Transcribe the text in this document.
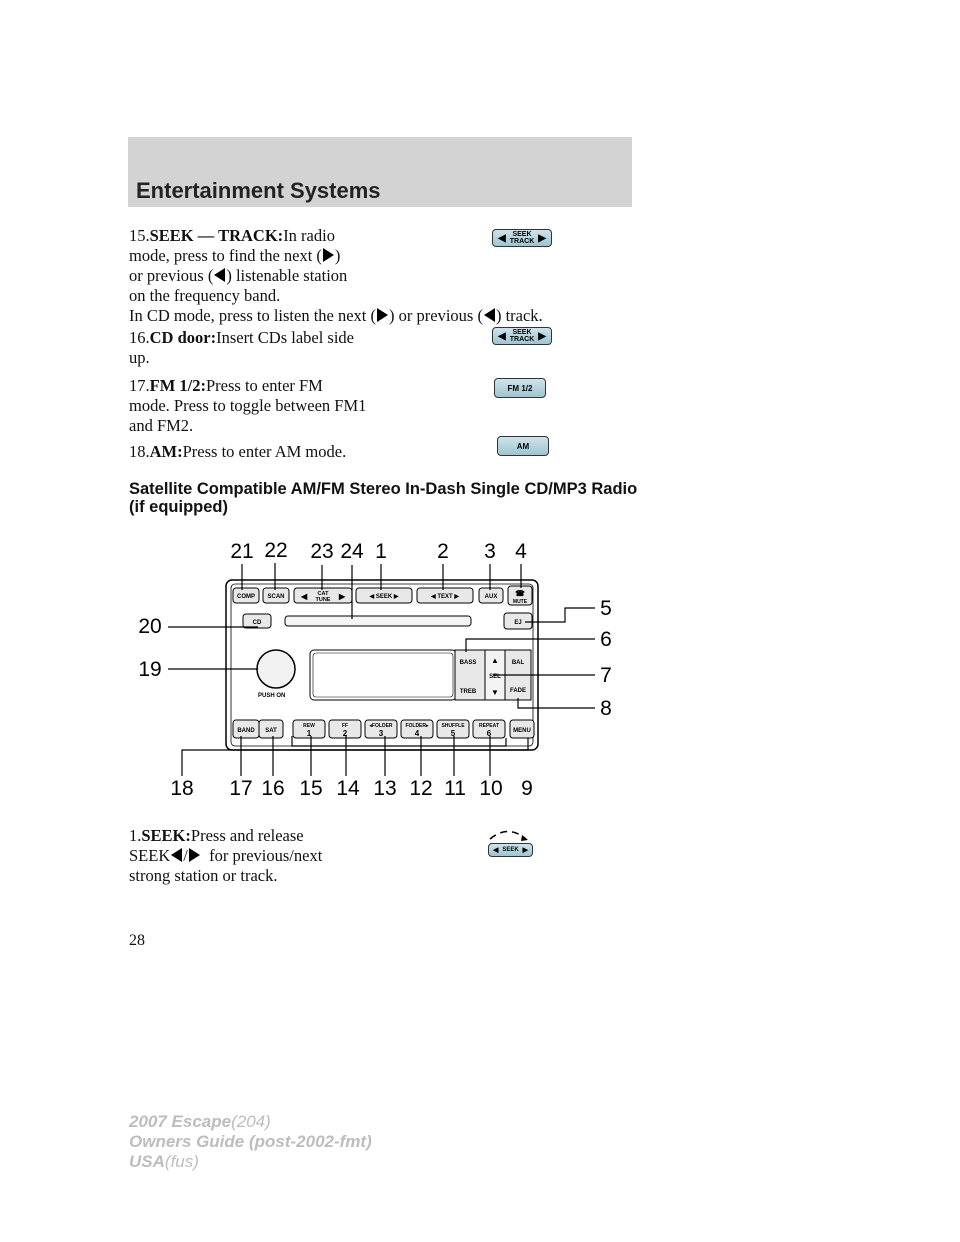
Entertainment Systems

15.SEEK — TRACK:In radio

mode, press to find the next ( )

or previous ( ) listenable station

on the frequency band.

In CD mode, press to listen the next ( ) or previous ( ) track.

◀ SEEK
TRACK ▶

16.CD door:Insert CDs label side

up.

◀ SEEK
TRACK ▶

17.FM 1/2:Press to enter FM

mode. Press to toggle between FM1

and FM2.

FM 1/2

18.AM:Press to enter AM mode.	AM
Satellite Compatible AM/FM Stereo In-Dash Single CD/MP3 Radio
(if equipped)
COMP SCAN ◀ CAT
TUNE ▶	◀ SEEK ▶	◀ TEXT ▶	AUX ☎
MUTE
CD	EJ
PUSH ON
BASS
TREB
▲
SEL
▼
BAL
FADE
BAND SAT
REW
1
FF
2
◂FOLDER
3
FOLDER▸
4
SHUFFLE
5
REPEAT
6	MENU
21 22 23 24 1 2 3 4
5
6
7
8
20
19
18 17 16 15 14 13 12 11 10 9

1.SEEK:Press and release

SEEK / for previous/next

strong station or track.

◀ SEEK ▶
28
2007 Escape(204)
Owners Guide (post-2002-fmt)
USA(fus)
